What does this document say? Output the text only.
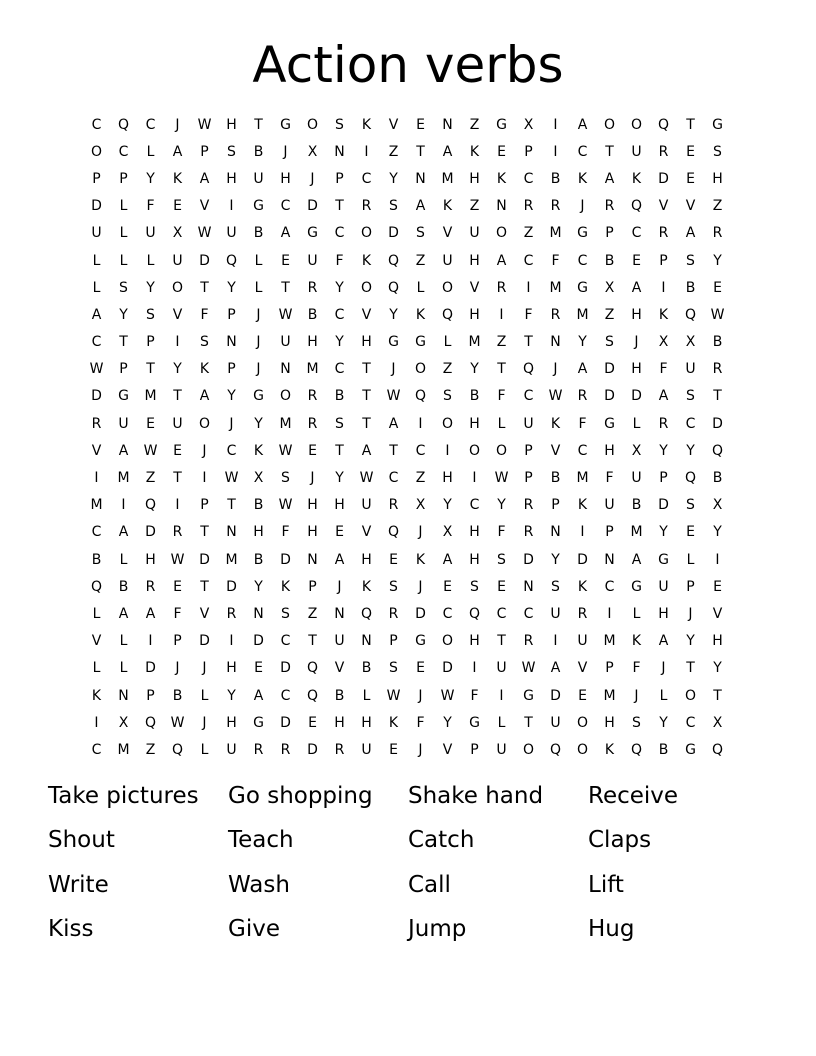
Action verbs
C	Q	C	J	W	H	T	G	O	S	K	V	E	N	Z	G	X	I	A	O	O	Q	T	G
O	C	L	A	P	S	B	J	X	N	I	Z	T	A	K	E	P	I	C	T	U	R	E	S
P	P	Y	K	A	H	U	H	J	P	C	Y	N	M	H	K	C	B	K	A	K	D	E	H
D	L	F	E	V	I	G	C	D	T	R	S	A	K	Z	N	R	R	J	R	Q	V	V	Z
U	L	U	X	W	U	B	A	G	C	O	D	S	V	U	O	Z	M	G	P	C	R	A	R
L	L	L	U	D	Q	L	E	U	F	K	Q	Z	U	H	A	C	F	C	B	E	P	S	Y
L	S	Y	O	T	Y	L	T	R	Y	O	Q	L	O	V	R	I	M	G	X	A	I	B	E
A	Y	S	V	F	P	J	W	B	C	V	Y	K	Q	H	I	F	R	M	Z	H	K	Q	W
C	T	P	I	S	N	J	U	H	Y	H	G	G	L	M	Z	T	N	Y	S	J	X	X	B
W	P	T	Y	K	P	J	N	M	C	T	J	O	Z	Y	T	Q	J	A	D	H	F	U	R
D	G	M	T	A	Y	G	O	R	B	T	W	Q	S	B	F	C	W	R	D	D	A	S	T
R	U	E	U	O	J	Y	M	R	S	T	A	I	O	H	L	U	K	F	G	L	R	C	D
V	A	W	E	J	C	K	W	E	T	A	T	C	I	O	O	P	V	C	H	X	Y	Y	Q
I	M	Z	T	I	W	X	S	J	Y	W	C	Z	H	I	W	P	B	M	F	U	P	Q	B
M	I	Q	I	P	T	B	W	H	H	U	R	X	Y	C	Y	R	P	K	U	B	D	S	X
C	A	D	R	T	N	H	F	H	E	V	Q	J	X	H	F	R	N	I	P	M	Y	E	Y
B	L	H	W	D	M	B	D	N	A	H	E	K	A	H	S	D	Y	D	N	A	G	L	I
Q	B	R	E	T	D	Y	K	P	J	K	S	J	E	S	E	N	S	K	C	G	U	P	E
L	A	A	F	V	R	N	S	Z	N	Q	R	D	C	Q	C	C	U	R	I	L	H	J	V
V	L	I	P	D	I	D	C	T	U	N	P	G	O	H	T	R	I	U	M	K	A	Y	H
L	L	D	J	J	H	E	D	Q	V	B	S	E	D	I	U	W	A	V	P	F	J	T	Y
K	N	P	B	L	Y	A	C	Q	B	L	W	J	W	F	I	G	D	E	M	J	L	O	T
I	X	Q	W	J	H	G	D	E	H	H	K	F	Y	G	L	T	U	O	H	S	Y	C	X
C	M	Z	Q	L	U	R	R	D	R	U	E	J	V	P	U	O	Q	O	K	Q	B	G	Q
Take pictures	Go shopping	Shake hand	Receive
Shout	Teach	Catch	Claps
Write	Wash	Call	Lift
Kiss	Give	Jump	Hug
